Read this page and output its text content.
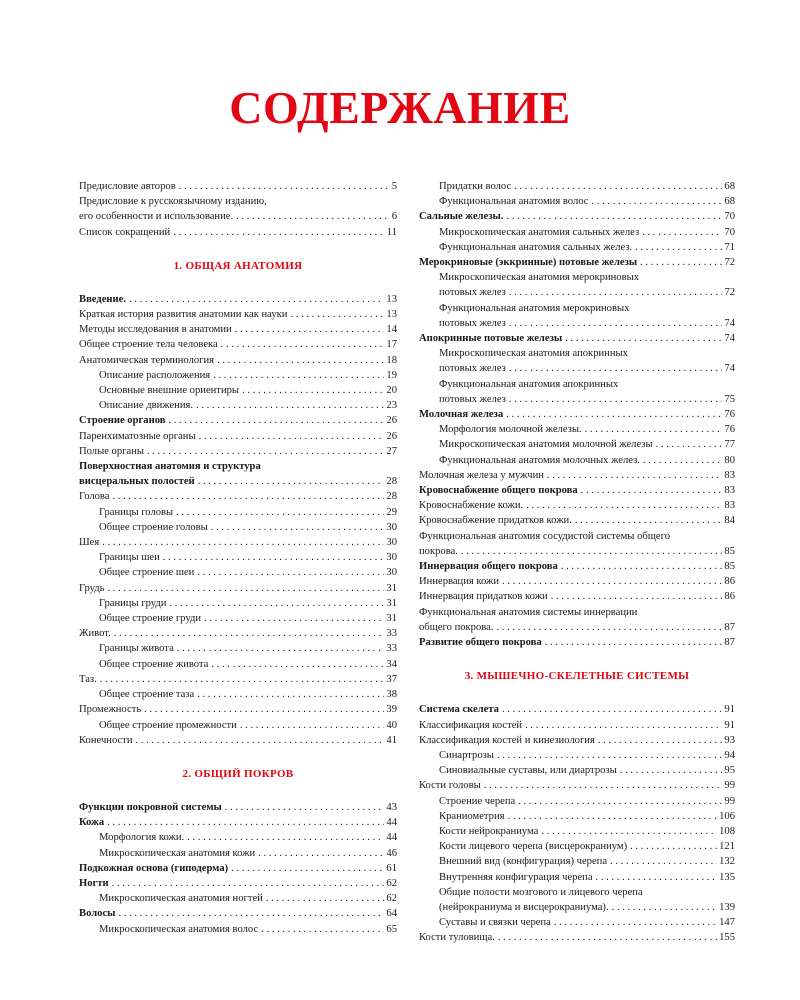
СОДЕРЖАНИЕ
Предисловие авторов . . .	5
Предисловие к русскоязычному изданию,
его особенности и использование. . . .	6
Список сокращений . . .	11
1. ОБЩАЯ АНАТОМИЯ
Введение. . . .	13
Краткая история развития анатомии как науки . . .	13
Методы исследования в анатомии . . .	14
Общее строение тела человека . . .	17
Анатомическая терминология . . .	18
Описание расположения . . .	19
Основные внешние ориентиры . . .	20
Описание движения. . . .	23
Строение органов . . .	26
Паренхиматозные органы . . .	26
Полые органы . . .	27
Поверхностная анатомия и структура
висцеральных полостей . . .	28
Голова . . .	28
Границы головы . . .	29
Общее строение головы . . .	30
Шея . . .	30
Границы шеи . . .	30
Общее строение шеи . . .	30
Грудь . . .	31
Границы груди . . .	31
Общее строение груди . . .	31
Живот. . . .	33
Границы живота . . .	33
Общее строение живота . . .	34
Таз. . . .	37
Общее строение таза . . .	38
Промежность . . .	39
Общее строение промежности . . .	40
Конечности . . .	41
2. ОБЩИЙ ПОКРОВ
Функции покровной системы . . .	43
Кожа . . .	44
Морфология кожи. . . .	44
Микроскопическая анатомия кожи . . .	46
Подкожная основа (гиподерма) . . .	61
Ногти . . .	62
Микроскопическая анатомия ногтей . . .	62
Волосы . . .	64
Микроскопическая анатомия волос . . .	65
Придатки волос . . .	68
Функциональная анатомия волос . . .	68
Сальные железы. . . .	70
Микроскопическая анатомия сальных желез . . .	70
Функциональная анатомия сальных желез. . . .	71
Мерокриновые (эккринные) потовые железы . . .	72
Микроскопическая анатомия мерокриновых
потовых желез . . .	72
Функциональная анатомия мерокриновых
потовых желез . . .	74
Апокринные потовые железы . . .	74
Микроскопическая анатомия апокринных
потовых желез . . .	74
Функциональная анатомия апокринных
потовых желез . . .	75
Молочная железа . . .	76
Морфология молочной железы. . . .	76
Микроскопическая анатомия молочной железы . . .	77
Функциональная анатомия молочных желез. . . .	80
Молочная железа у мужчин . . .	83
Кровоснабжение общего покрова . . .	83
Кровоснабжение кожи. . . .	83
Кровоснабжение придатков кожи. . . .	84
Функциональная анатомия сосудистой системы общего
покрова. . . .	85
Иннервация общего покрова . . .	85
Иннервация кожи . . .	86
Иннервация придатков кожи . . .	86
Функциональная анатомия системы иннервации
общего покрова. . . .	87
Развитие общего покрова . . .	87
3. МЫШЕЧНО-СКЕЛЕТНЫЕ СИСТЕМЫ
Система скелета . . .	91
Классификация костей . . .	91
Классификация костей и кинезиология . . .	93
Синартрозы . . .	94
Синовиальные суставы, или диартрозы . . .	95
Кости головы . . .	99
Строение черепа . . .	99
Краниометрия . . .	106
Кости нейрокраниума . . .	108
Кости лицевого черепа (висцерокраниум) . . .	121
Внешний вид (конфигурация) черепа . . .	132
Внутренняя конфигурация черепа . . .	135
Общие полости мозгового и лицевого черепа
(нейрокраниума и висцерокраниума). . . .	139
Суставы и связки черепа . . .	147
Кости туловища. . . .	155
